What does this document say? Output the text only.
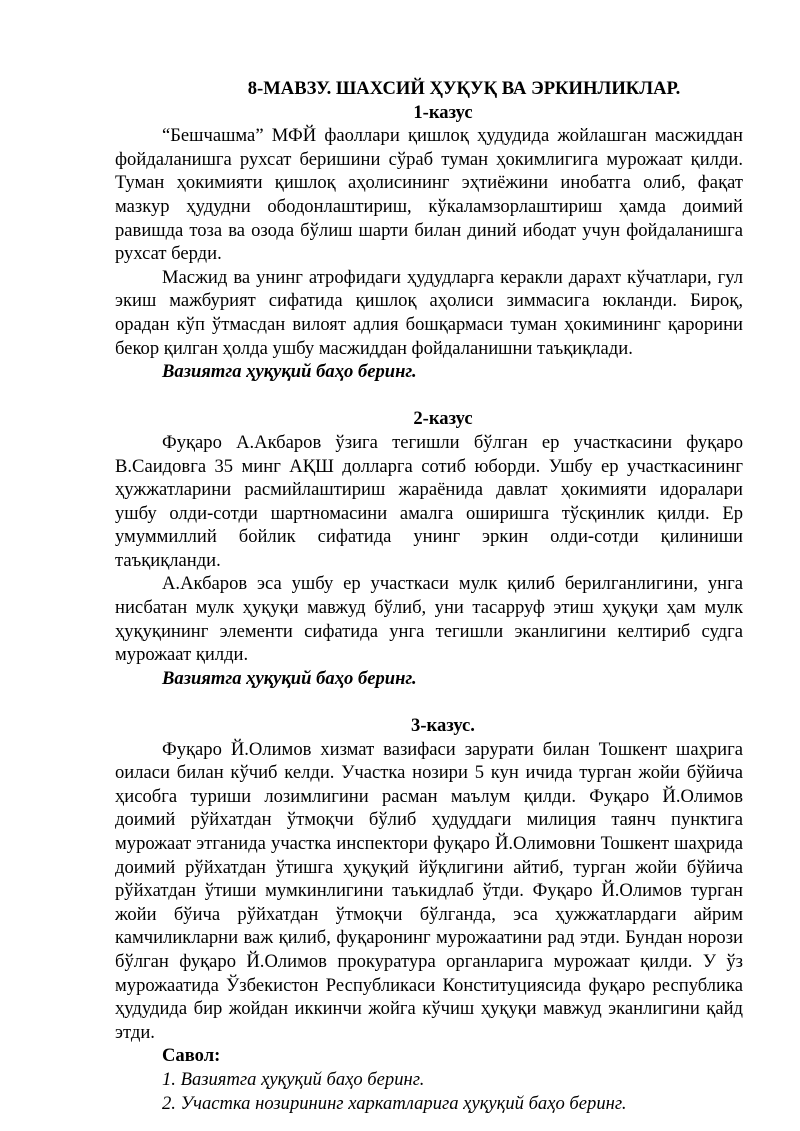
8-МАВЗУ. ШАХСИЙ ҲУҚУҚ ВА ЭРКИНЛИКЛАР.

1-казус

“Бешчашма” МФЙ фаоллари қишлоқ ҳудудида жойлашган масжиддан фойдаланишга рухсат беришини сўраб туман ҳокимлигига мурожаат қилди. Туман ҳокимияти қишлоқ аҳолисининг эҳтиёжини инобатга олиб, фақат мазкур ҳудудни ободонлаштириш, кўкаламзорлаштириш ҳамда доимий равишда тоза ва озода бўлиш шарти билан диний ибодат учун фойдаланишга рухсат берди.

Масжид ва унинг атрофидаги ҳудудларга керакли дарахт кўчатлари, гул экиш мажбурият сифатида қишлоқ аҳолиси зиммасига юкланди. Бироқ, орадан кўп ўтмасдан вилоят адлия бошқармаси туман ҳокимининг қарорини бекор қилган ҳолда ушбу масжиддан фойдаланишни таъқиқлади.

Вазиятга ҳуқуқий баҳо беринг.

2-казус

Фуқаро А.Акбаров ўзига тегишли бўлган ер участкасини фуқаро В.Саидовга 35 минг АҚШ долларга сотиб юборди. Ушбу ер участкасининг ҳужжатларини расмийлаштириш жараёнида давлат ҳокимияти идоралари ушбу олди-сотди шартномасини амалга оширишга тўсқинлик қилди. Ер умуммиллий бойлик сифатида унинг эркин олди-сотди қилиниши таъқиқланди.

А.Акбаров эса ушбу ер участкаси мулк қилиб берилганлигини, унга нисбатан мулк ҳуқуқи мавжуд бўлиб, уни тасарруф этиш ҳуқуқи ҳам мулк ҳуқуқининг элементи сифатида унга тегишли эканлигини келтириб судга мурожаат қилди.

Вазиятга ҳуқуқий баҳо беринг.

3-казус.

Фуқаро Й.Олимов хизмат вазифаси зарурати билан Тошкент шаҳрига оиласи билан кўчиб келди. Участка нозири 5 кун ичида турган жойи бўйича ҳисобга туриши лозимлигини расман маълум қилди. Фуқаро Й.Олимов доимий рўйхатдан ўтмоқчи бўлиб ҳудуддаги милиция таянч пунктига мурожаат этганида участка инспектори фуқаро Й.Олимовни Тошкент шаҳрида доимий рўйхатдан ўтишга ҳуқуқий йўқлигини айтиб, турган жойи бўйича рўйхатдан ўтиши мумкинлигини таъкидлаб ўтди. Фуқаро Й.Олимов турган жойи бўича рўйхатдан ўтмоқчи бўлганда, эса ҳужжатлардаги айрим камчиликларни важ қилиб, фуқаронинг мурожаатини рад этди. Бундан норози бўлган фуқаро Й.Олимов прокуратура органларига мурожаат қилди. У ўз мурожаатида Ўзбекистон Республикаси Конституциясида фуқаро республика ҳудудида бир жойдан иккинчи жойга кўчиш ҳуқуқи мавжуд эканлигини қайд этди.

Савол:

1. Вазиятга ҳуқуқий баҳо беринг.

2. Участка нозирининг харкатларига ҳуқуқий баҳо беринг.
